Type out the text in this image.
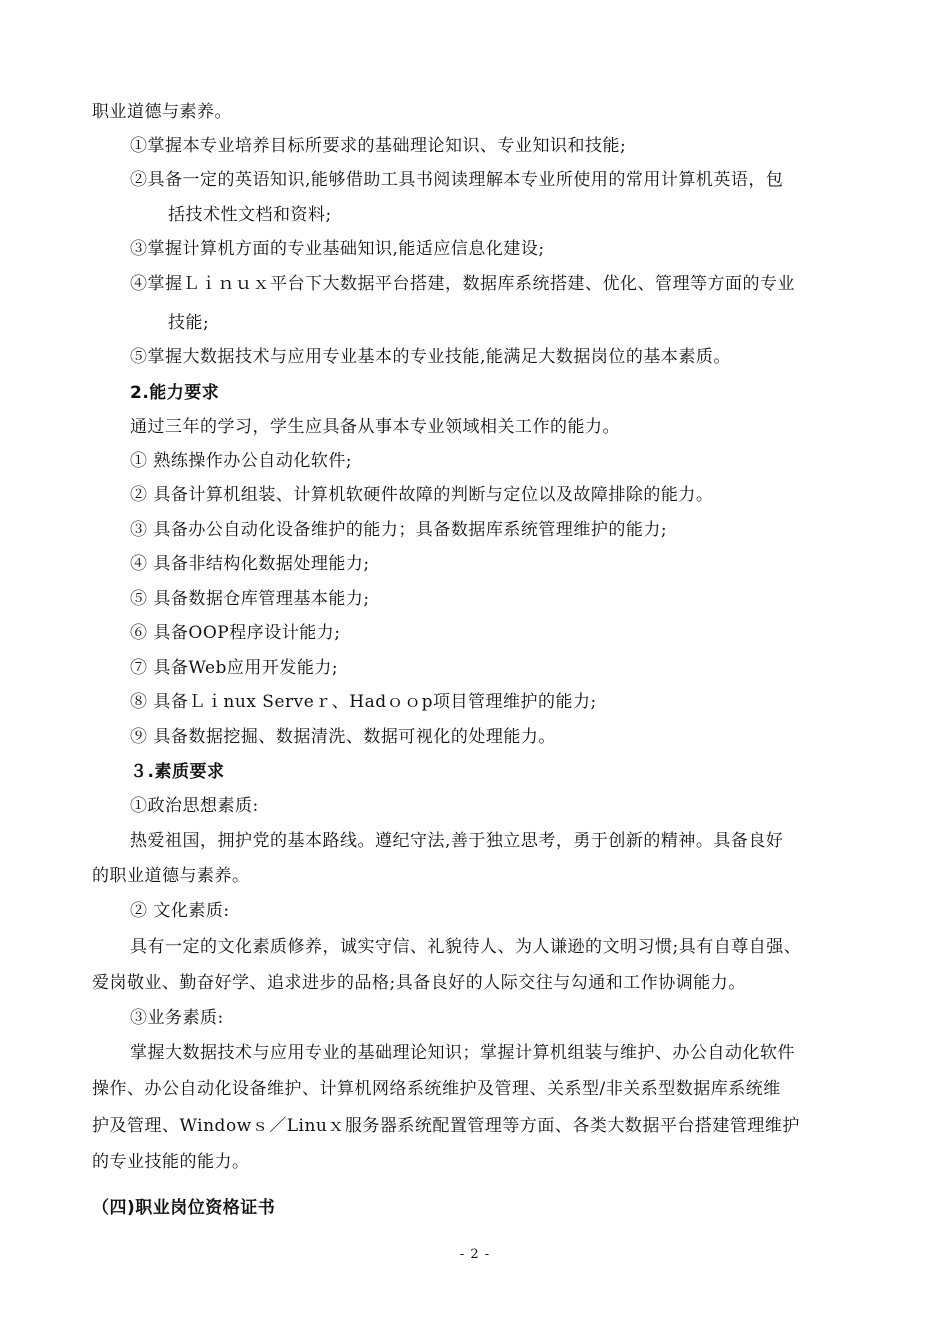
职业道德与素养。
①掌握本专业培养目标所要求的基础理论知识、专业知识和技能;
②具备一定的英语知识,能够借助工具书阅读理解本专业所使用的常用计算机英语，包
括技术性文档和资料;
③掌握计算机方面的专业基础知识,能适应信息化建设;
④掌握Ｌｉｎｕｘ平台下大数据平台搭建，数据库系统搭建、优化、管理等方面的专业
技能;
⑤掌握大数据技术与应用专业基本的专业技能,能满足大数据岗位的基本素质。
2.能力要求
通过三年的学习，学生应具备从事本专业领域相关工作的能力。
① 熟练操作办公自动化软件;
② 具备计算机组装、计算机软硬件故障的判断与定位以及故障排除的能力。
③ 具备办公自动化设备维护的能力；具备数据库系统管理维护的能力;
④ 具备非结构化数据处理能力;
⑤ 具备数据仓库管理基本能力;
⑥ 具备OOP程序设计能力;
⑦ 具备Web应用开发能力;
⑧ 具备Ｌｉnux Serveｒ、Hadｏｏp项目管理维护的能力;
⑨ 具备数据挖掘、数据清洗、数据可视化的处理能力。
３.素质要求
①政治思想素质:
热爱祖国，拥护党的基本路线。遵纪守法,善于独立思考，勇于创新的精神。具备良好
的职业道德与素养。
② 文化素质:
具有一定的文化素质修养，诚实守信、礼貌待人、为人谦逊的文明习惯;具有自尊自强、
爱岗敬业、勤奋好学、追求进步的品格;具备良好的人际交往与勾通和工作协调能力。
③业务素质:
掌握大数据技术与应用专业的基础理论知识；掌握计算机组装与维护、办公自动化软件
操作、办公自动化设备维护、计算机网络系统维护及管理、关系型/非关系型数据库系统维
护及管理、Windowｓ／Linuｘ服务器系统配置管理等方面、各类大数据平台搭建管理维护
的专业技能的能力。
（四)职业岗位资格证书
- 2 -
